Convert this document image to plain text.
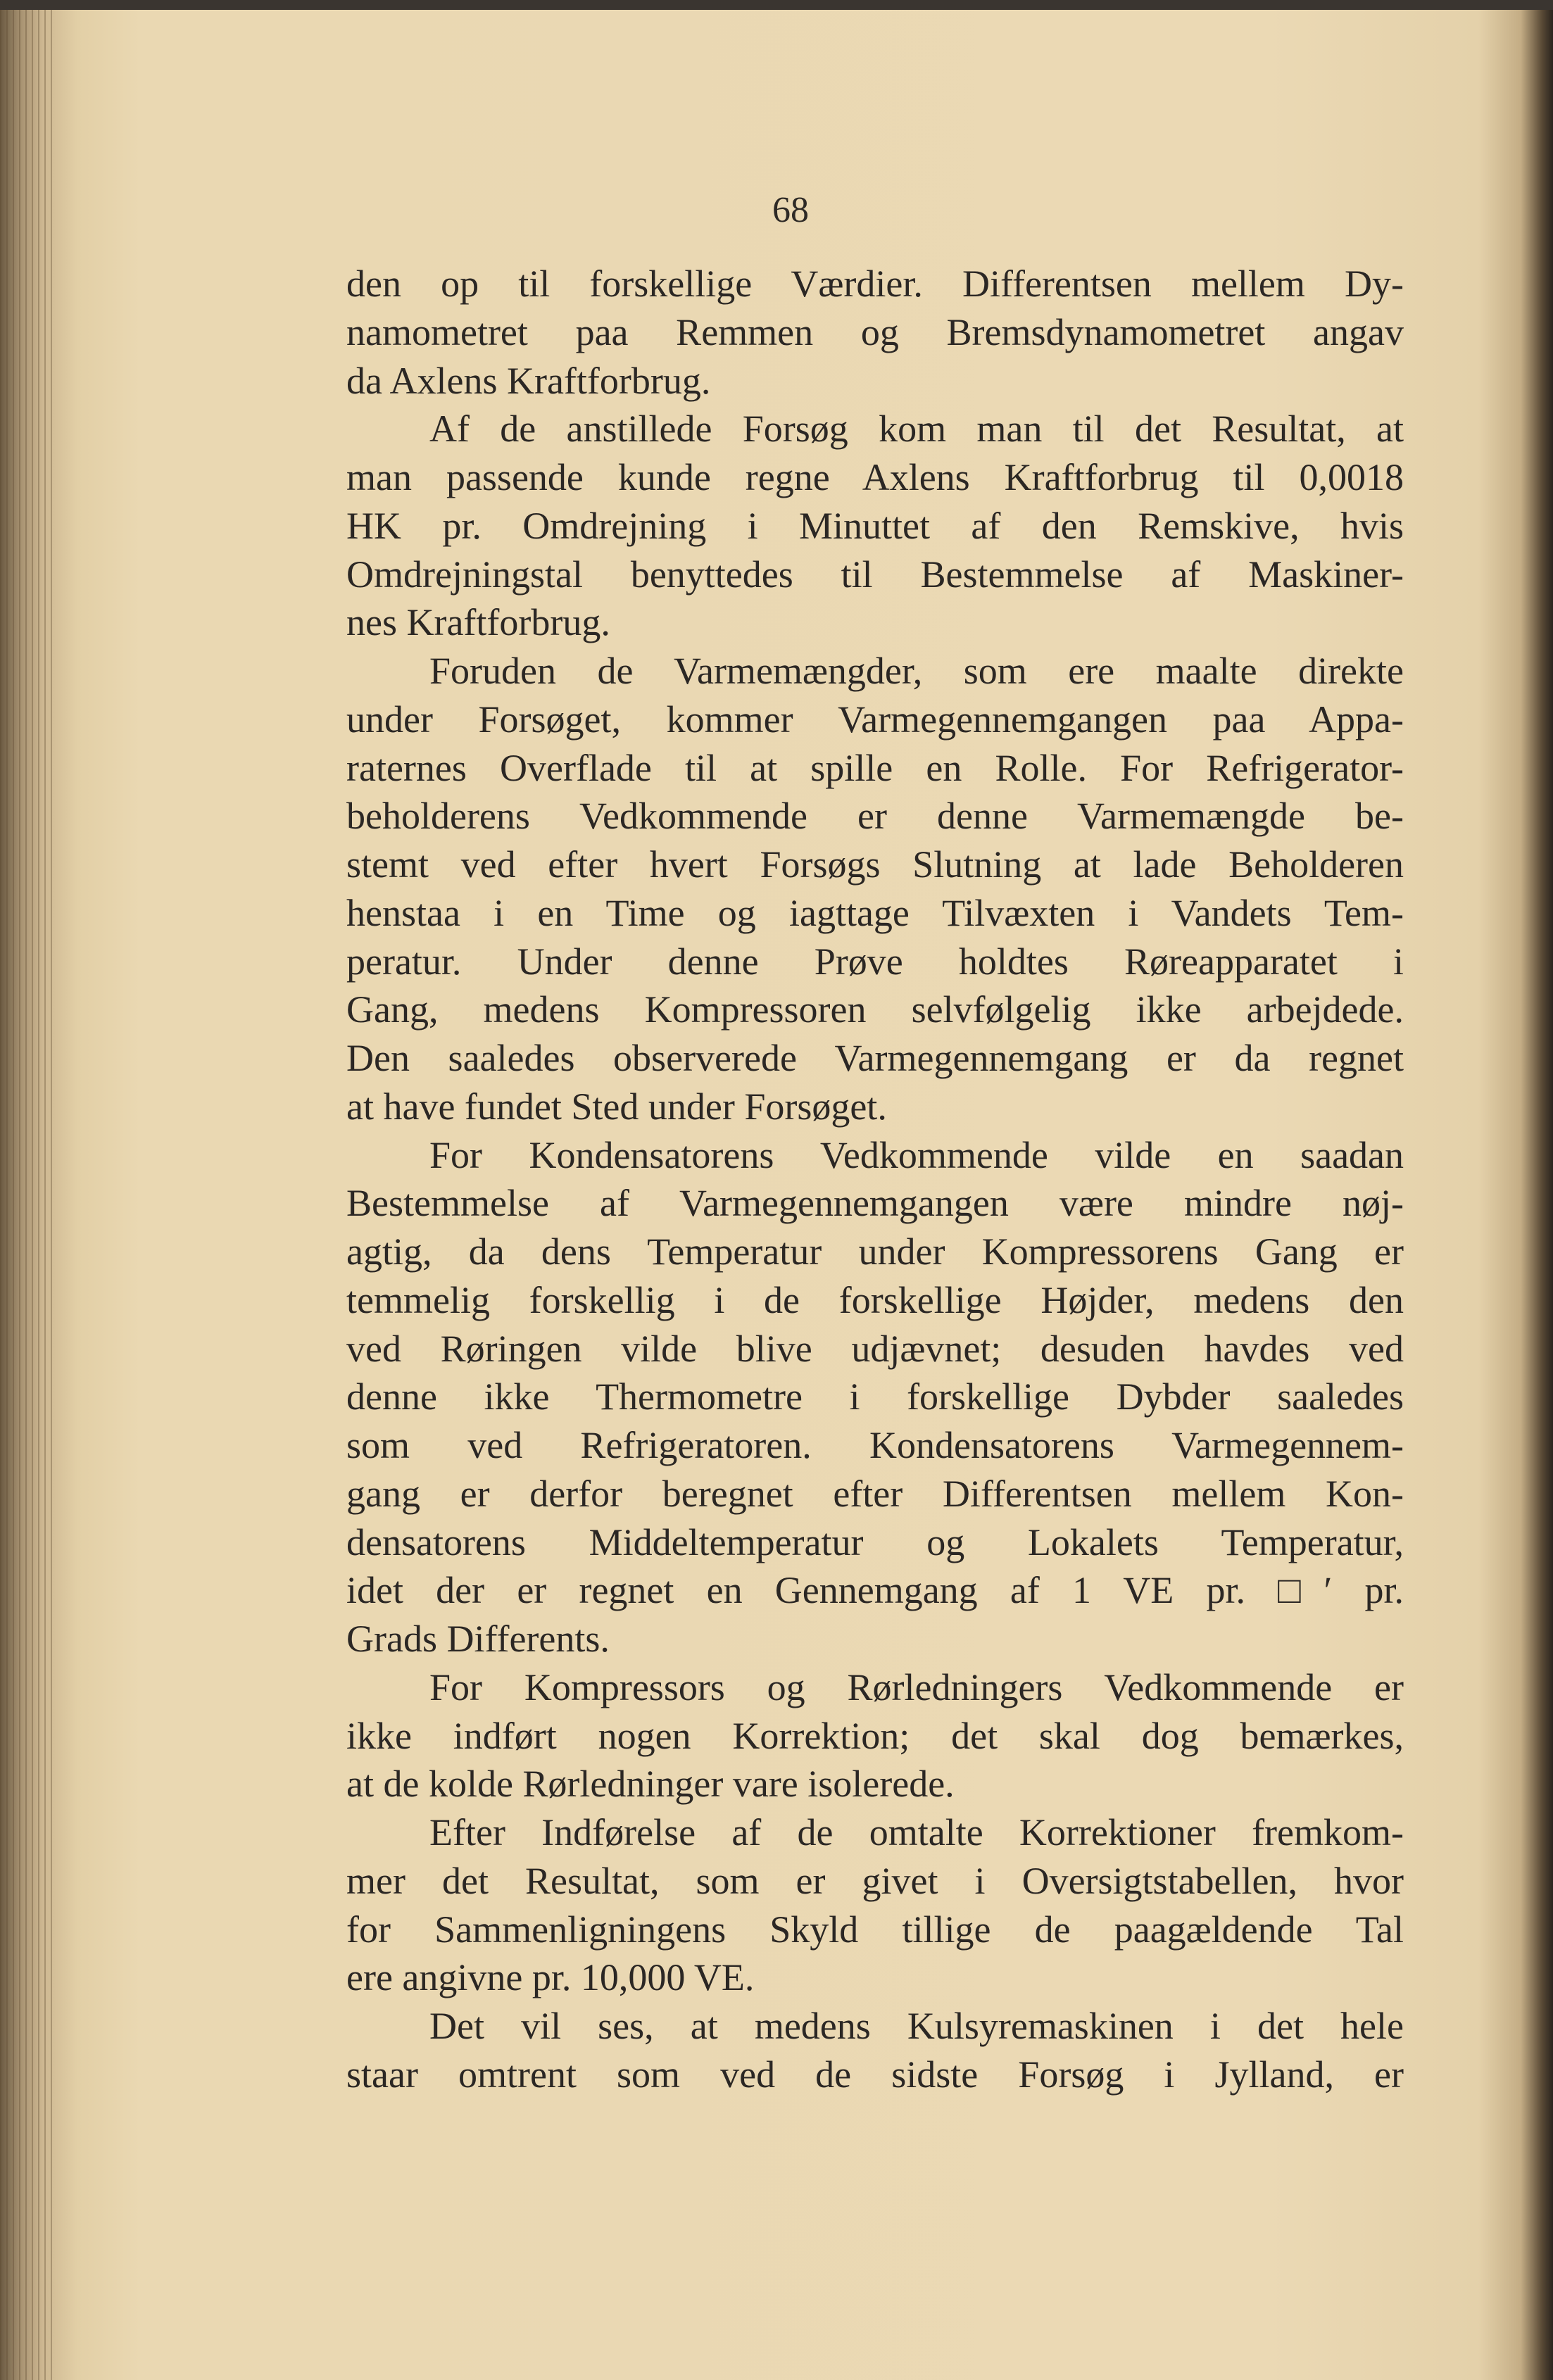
68
den op til forskellige Værdier. Differentsen mellem Dy-
namometret paa Remmen og Bremsdynamometret angav
da Axlens Kraftforbrug.
Af de anstillede Forsøg kom man til det Resultat, at
man passende kunde regne Axlens Kraftforbrug til 0,0018
HK pr. Omdrejning i Minuttet af den Remskive, hvis
Omdrejningstal benyttedes til Bestemmelse af Maskiner-
nes Kraftforbrug.
Foruden de Varmemængder, som ere maalte direkte
under Forsøget, kommer Varmegennemgangen paa Appa-
raternes Overflade til at spille en Rolle. For Refrigerator-
beholderens Vedkommende er denne Varmemængde be-
stemt ved efter hvert Forsøgs Slutning at lade Beholderen
henstaa i en Time og iagttage Tilvæxten i Vandets Tem-
peratur. Under denne Prøve holdtes Røreapparatet i
Gang, medens Kompressoren selvfølgelig ikke arbejdede.
Den saaledes observerede Varmegennemgang er da regnet
at have fundet Sted under Forsøget.
For Kondensatorens Vedkommende vilde en saadan
Bestemmelse af Varmegennemgangen være mindre nøj-
agtig, da dens Temperatur under Kompressorens Gang er
temmelig forskellig i de forskellige Højder, medens den
ved Røringen vilde blive udjævnet; desuden havdes ved
denne ikke Thermometre i forskellige Dybder saaledes
som ved Refrigeratoren. Kondensatorens Varmegennem-
gang er derfor beregnet efter Differentsen mellem Kon-
densatorens Middeltemperatur og Lokalets Temperatur,
idet der er regnet en Gennemgang af 1 VE pr. □′ pr.
Grads Differents.
For Kompressors og Rørledningers Vedkommende er
ikke indført nogen Korrektion; det skal dog bemærkes,
at de kolde Rørledninger vare isolerede.
Efter Indførelse af de omtalte Korrektioner fremkom-
mer det Resultat, som er givet i Oversigtstabellen, hvor
for Sammenligningens Skyld tillige de paagældende Tal
ere angivne pr. 10,000 VE.
Det vil ses, at medens Kulsyremaskinen i det hele
staar omtrent som ved de sidste Forsøg i Jylland, er
